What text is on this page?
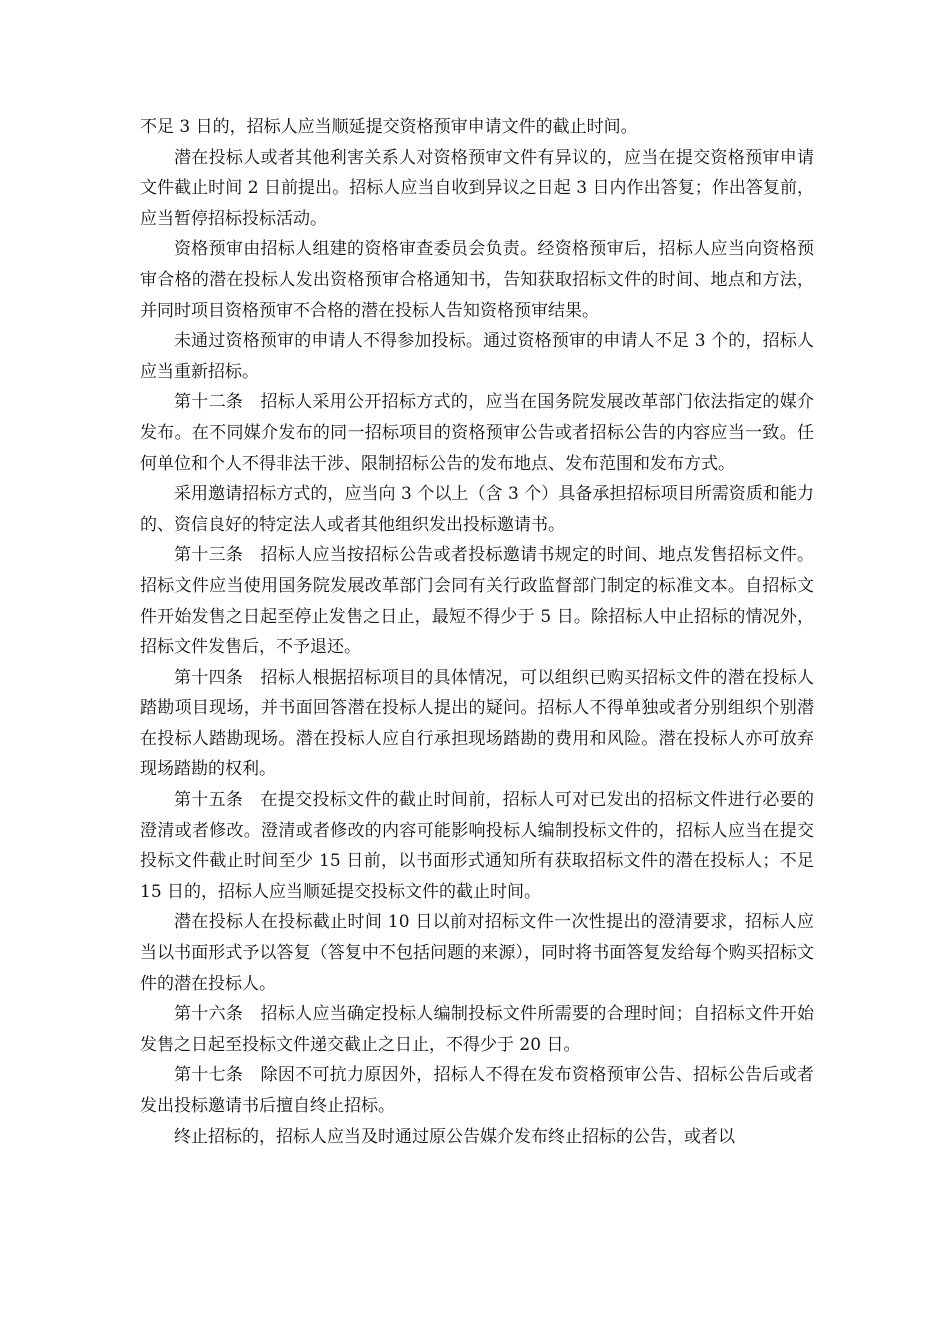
不足 3 日的，招标人应当顺延提交资格预审申请文件的截止时间。

潜在投标人或者其他利害关系人对资格预审文件有异议的，应当在提交资格预审申请文件截止时间 2 日前提出。招标人应当自收到异议之日起 3 日内作出答复；作出答复前，应当暂停招标投标活动。

资格预审由招标人组建的资格审查委员会负责。经资格预审后，招标人应当向资格预审合格的潜在投标人发出资格预审合格通知书，告知获取招标文件的时间、地点和方法，并同时项目资格预审不合格的潜在投标人告知资格预审结果。

未通过资格预审的申请人不得参加投标。通过资格预审的申请人不足 3 个的，招标人应当重新招标。

第十二条　招标人采用公开招标方式的，应当在国务院发展改革部门依法指定的媒介发布。在不同媒介发布的同一招标项目的资格预审公告或者招标公告的内容应当一致。任何单位和个人不得非法干涉、限制招标公告的发布地点、发布范围和发布方式。

采用邀请招标方式的，应当向 3 个以上（含 3 个）具备承担招标项目所需资质和能力的、资信良好的特定法人或者其他组织发出投标邀请书。

第十三条　招标人应当按招标公告或者投标邀请书规定的时间、地点发售招标文件。招标文件应当使用国务院发展改革部门会同有关行政监督部门制定的标准文本。自招标文件开始发售之日起至停止发售之日止，最短不得少于 5 日。除招标人中止招标的情况外，招标文件发售后，不予退还。

第十四条　招标人根据招标项目的具体情况，可以组织已购买招标文件的潜在投标人踏勘项目现场，并书面回答潜在投标人提出的疑问。招标人不得单独或者分别组织个别潜在投标人踏勘现场。潜在投标人应自行承担现场踏勘的费用和风险。潜在投标人亦可放弃现场踏勘的权利。

第十五条　在提交投标文件的截止时间前，招标人可对已发出的招标文件进行必要的澄清或者修改。澄清或者修改的内容可能影响投标人编制投标文件的，招标人应当在提交投标文件截止时间至少 15 日前，以书面形式通知所有获取招标文件的潜在投标人；不足 15 日的，招标人应当顺延提交投标文件的截止时间。

潜在投标人在投标截止时间 10 日以前对招标文件一次性提出的澄清要求，招标人应当以书面形式予以答复（答复中不包括问题的来源），同时将书面答复发给每个购买招标文件的潜在投标人。

第十六条　招标人应当确定投标人编制投标文件所需要的合理时间；自招标文件开始发售之日起至投标文件递交截止之日止，不得少于 20 日。

第十七条　除因不可抗力原因外，招标人不得在发布资格预审公告、招标公告后或者发出投标邀请书后擅自终止招标。

终止招标的，招标人应当及时通过原公告媒介发布终止招标的公告，或者以
